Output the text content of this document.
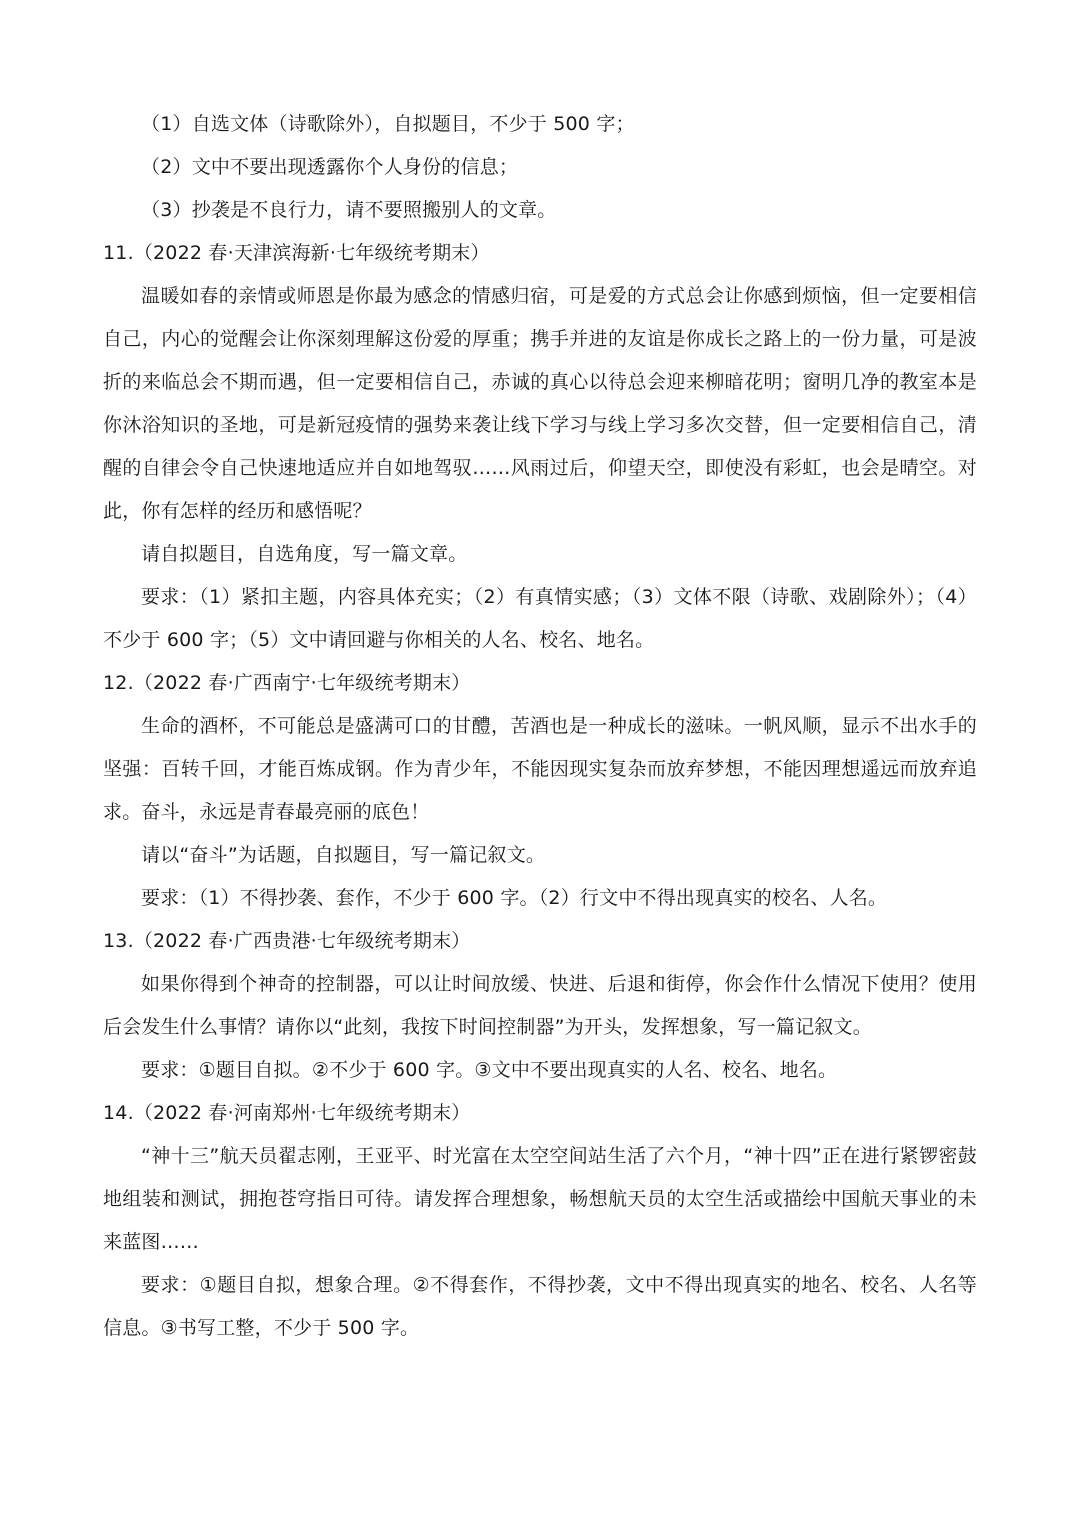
（1）自选文体（诗歌除外），自拟题目，不少于 500 字；

（2）文中不要出现透露你个人身份的信息；

（3）抄袭是不良行力，请不要照搬别人的文章。

11.（2022 春·天津滨海新·七年级统考期末）

温暖如春的亲情或师恩是你最为感念的情感归宿，可是爱的方式总会让你感到烦恼，但一定要相信自己，内心的觉醒会让你深刻理解这份爱的厚重；携手并进的友谊是你成长之路上的一份力量，可是波折的来临总会不期而遇，但一定要相信自己，赤诚的真心以待总会迎来柳暗花明；窗明几净的教室本是你沐浴知识的圣地，可是新冠疫情的强势来袭让线下学习与线上学习多次交替，但一定要相信自己，清醒的自律会令自己快速地适应并自如地驾驭……风雨过后，仰望天空，即使没有彩虹，也会是晴空。对此，你有怎样的经历和感悟呢？

请自拟题目，自选角度，写一篇文章。

要求：（1）紧扣主题，内容具体充实；（2）有真情实感；（3）文体不限（诗歌、戏剧除外）；（4）不少于 600 字；（5）文中请回避与你相关的人名、校名、地名。

12.（2022 春·广西南宁·七年级统考期末）

生命的酒杯，不可能总是盛满可口的甘醴，苦酒也是一种成长的滋味。一帆风顺，显示不出水手的坚强：百转千回，才能百炼成钢。作为青少年，不能因现实复杂而放弃梦想，不能因理想遥远而放弃追求。奋斗，永远是青春最亮丽的底色！

请以“奋斗”为话题，自拟题目，写一篇记叙文。

要求：（1）不得抄袭、套作，不少于 600 字。（2）行文中不得出现真实的校名、人名。

13.（2022 春·广西贵港·七年级统考期末）

如果你得到个神奇的控制器，可以让时间放缓、快进、后退和街停，你会作什么情况下使用？使用后会发生什么事情？请你以“此刻，我按下时间控制器”为开头，发挥想象，写一篇记叙文。

要求：①题目自拟。②不少于 600 字。③文中不要出现真实的人名、校名、地名。

14.（2022 春·河南郑州·七年级统考期末）

“神十三”航天员翟志刚，王亚平、时光富在太空空间站生活了六个月，“神十四”正在进行紧锣密鼓地组装和测试，拥抱苍穹指日可待。请发挥合理想象，畅想航天员的太空生活或描绘中国航天事业的未来蓝图……

要求：①题目自拟，想象合理。②不得套作，不得抄袭，文中不得出现真实的地名、校名、人名等信息。③书写工整，不少于 500 字。
